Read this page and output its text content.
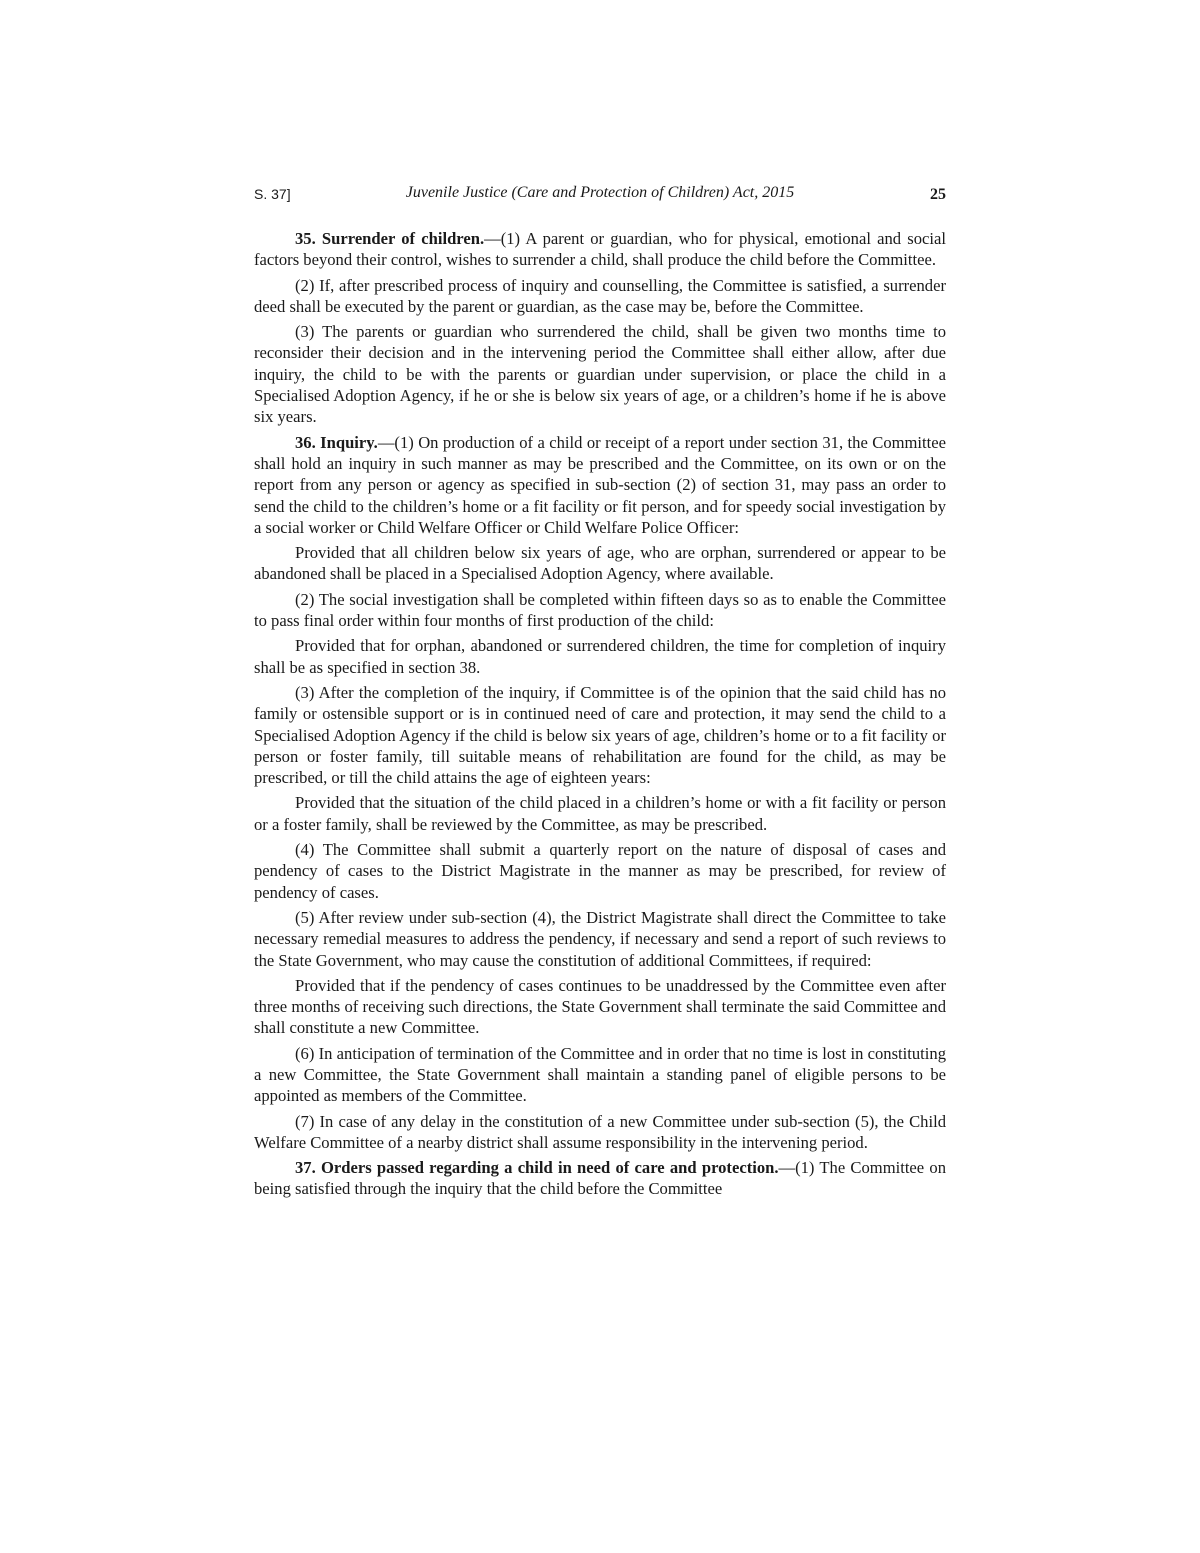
S. 37]	Juvenile Justice (Care and Protection of Children) Act, 2015	25

35. Surrender of children.—(1) A parent or guardian, who for physical, emotional and social factors beyond their control, wishes to surrender a child, shall produce the child before the Committee.

(2) If, after prescribed process of inquiry and counselling, the Committee is satisfied, a surrender deed shall be executed by the parent or guardian, as the case may be, before the Committee.

(3) The parents or guardian who surrendered the child, shall be given two months time to reconsider their decision and in the intervening period the Committee shall either allow, after due inquiry, the child to be with the parents or guardian under supervision, or place the child in a Specialised Adoption Agency, if he or she is below six years of age, or a children’s home if he is above six years.

36. Inquiry.—(1) On production of a child or receipt of a report under section 31, the Committee shall hold an inquiry in such manner as may be prescribed and the Committee, on its own or on the report from any person or agency as specified in sub-section (2) of section 31, may pass an order to send the child to the children’s home or a fit facility or fit person, and for speedy social investigation by a social worker or Child Welfare Officer or Child Welfare Police Officer:

Provided that all children below six years of age, who are orphan, surrendered or appear to be abandoned shall be placed in a Specialised Adoption Agency, where available.

(2) The social investigation shall be completed within fifteen days so as to enable the Committee to pass final order within four months of first production of the child:

Provided that for orphan, abandoned or surrendered children, the time for completion of inquiry shall be as specified in section 38.

(3) After the completion of the inquiry, if Committee is of the opinion that the said child has no family or ostensible support or is in continued need of care and protection, it may send the child to a Specialised Adoption Agency if the child is below six years of age, children’s home or to a fit facility or person or foster family, till suitable means of rehabilitation are found for the child, as may be prescribed, or till the child attains the age of eighteen years:

Provided that the situation of the child placed in a children’s home or with a fit facility or person or a foster family, shall be reviewed by the Committee, as may be prescribed.

(4) The Committee shall submit a quarterly report on the nature of disposal of cases and pendency of cases to the District Magistrate in the manner as may be prescribed, for review of pendency of cases.

(5) After review under sub-section (4), the District Magistrate shall direct the Committee to take necessary remedial measures to address the pendency, if necessary and send a report of such reviews to the State Government, who may cause the constitution of additional Committees, if required:

Provided that if the pendency of cases continues to be unaddressed by the Committee even after three months of receiving such directions, the State Government shall terminate the said Committee and shall constitute a new Committee.

(6) In anticipation of termination of the Committee and in order that no time is lost in constituting a new Committee, the State Government shall maintain a standing panel of eligible persons to be appointed as members of the Committee.

(7) In case of any delay in the constitution of a new Committee under sub-section (5), the Child Welfare Committee of a nearby district shall assume responsibility in the intervening period.

37. Orders passed regarding a child in need of care and protection.—(1) The Committee on being satisfied through the inquiry that the child before the Committee
